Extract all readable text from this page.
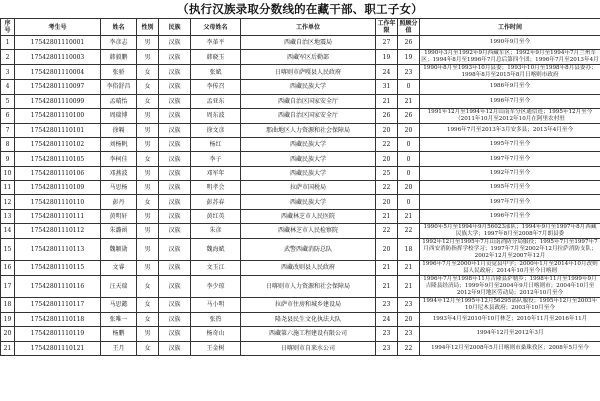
（执行汉族录取分数线的在藏干部、职工子女）
序号	考生号	姓名	性别	民族	父母姓名	工作单位	工作年限	照顾分值	工作时间
1	17542801110001	李彦志	男	汉族	李革平	西藏自治区地震局	27	26	1990年9月至今
2	17542801110003	韩毅鹏	男	汉族	韩晓玉	西藏军区后勤部	19	19	1990年3月至1992年9月西藏军区；1992年9月至1994年7月兰州军区；1994年8月至1996年7月总后第四个团；1996年7月至2013年4月
3	17542801110004	张骄	女	汉族	张斌	日喀则市萨嘎县人民政府	24	23	1990年8月至1993年10月县委；1993年10月至1998年8月县委办；1998年8月至2015年8月日喀则市政府
4	17542801110097	李俗舒昌	女	汉族	李传召	西藏民族大学	31	0	1986年9月至今
5	17542801110099	孟晴怡	女	汉族	孟亚东	西藏自治区国家安全厅	21	21	1996年7月至今
6	17542801110100	周瑞博	男	汉族	周东波	西藏自治区国家安全厅	26	26	1991年12月至1994年12月山南军分区通信连；1995年12月至今（2011年10月至2012年10月在阿里农村驻
7	17542801110101	徐嗝	男	汉族	徐文彦	那曲地区人力资源和社会保障局	20	20	1996年7月至2013年3月安多县；2013年4月至今
8	17542801110102	刘杨帆	男	汉族	杨红	西藏民族大学	22	0	1995年7月至今
9	17542801110105	李柯佳	女	汉族	李子	西藏民族大学	20	0	1997年7月至今
10	17542801110106	邓燕波	男	汉族	邓军年	西藏民族大学	25	0	1992年7月至今
11	17542801110109	马思杨	男	汉族	明孝会	拉萨市国税局	22	20	1995年7月至今
12	17542801110110	彭丹	女	汉族	彭苏春	西藏民族大学	20	0	1997年7月至今
13	17542801110111	黄明轩	男	汉族	黄红英	西藏林芝市人民医院	21	21	1996年7月至今
14	17542801110112	朱潞函	男	汉族	朱彦	西藏林芝市人民检察院	22	22	1990年5月至1994年9月56023部队；1994年9月至1997年8月西藏民族大学；1997年8月至2008年7月朗县委
15	17542801110113	魏颖勋	男	汉族	魏海斌	武警西藏消防总队	20	18	1992年12月至1995年7月山南消防分局服役；1995年7月至1997年7月西安消防指挥学校学习；1997年7月至2002年12月拉萨消防支队；2002年12月至2007年12月
16	17542801110115	文睿	男	汉族	文玉江	西藏改则县人民政府	21	21	1996年7月至2000年1月贡觉县中学；2000年1月至2014年10月改则县人民政府；2014年10月至今日喀则
17	17542801110116	汪天瑞	女	汉族	李少琼	日喀则市人力资源和社会保障局	21	21	1996年7月至1998年11月吉隆县萨勒乡；1998年11月至1999年9月吉隆县经济局；1999年9月至2004年9月日喀则市；2004年10月至2012年9月地区劳动局；2012年10月至今
18	17542801110117	马思懿	女	汉族	马小明	拉萨市住房和城乡建设局	23	23	1994年12月至1995年12月56295部队服役；1995年12月至2003年10月尼木县政府；2003年10月至今
19	17542801110118	张唯一	女	汉族	张热	隆尧县民生文化执法大队	24	20	1993年4月至2010年10月林芝；2010年11月至2016年11月
20	17542801110119	杨鹏	男	汉族	杨奇山	西藏第六施工程建设有限公司	23	23	1994年12月至2012年3月
21	17542801110121	王月	女	汉族	王金树	日喀则市自来水公司	23	22	1994年12月至2008年5月日喀则市桑珠孜区；2008年5月至今
